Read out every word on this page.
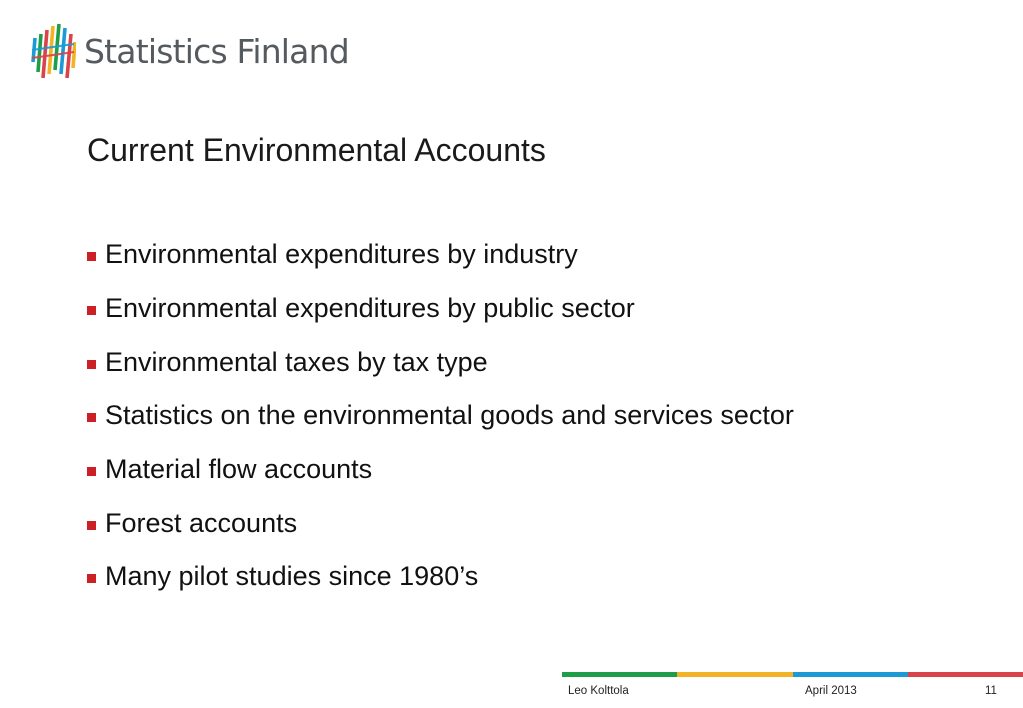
Statistics Finland
Current Environmental Accounts
Environmental expenditures by industry
Environmental expenditures by public sector
Environmental taxes by tax type
Statistics on the environmental goods and services sector
Material flow accounts
Forest accounts
Many pilot studies since 1980’s
Leo Kolttola	April 2013	11
